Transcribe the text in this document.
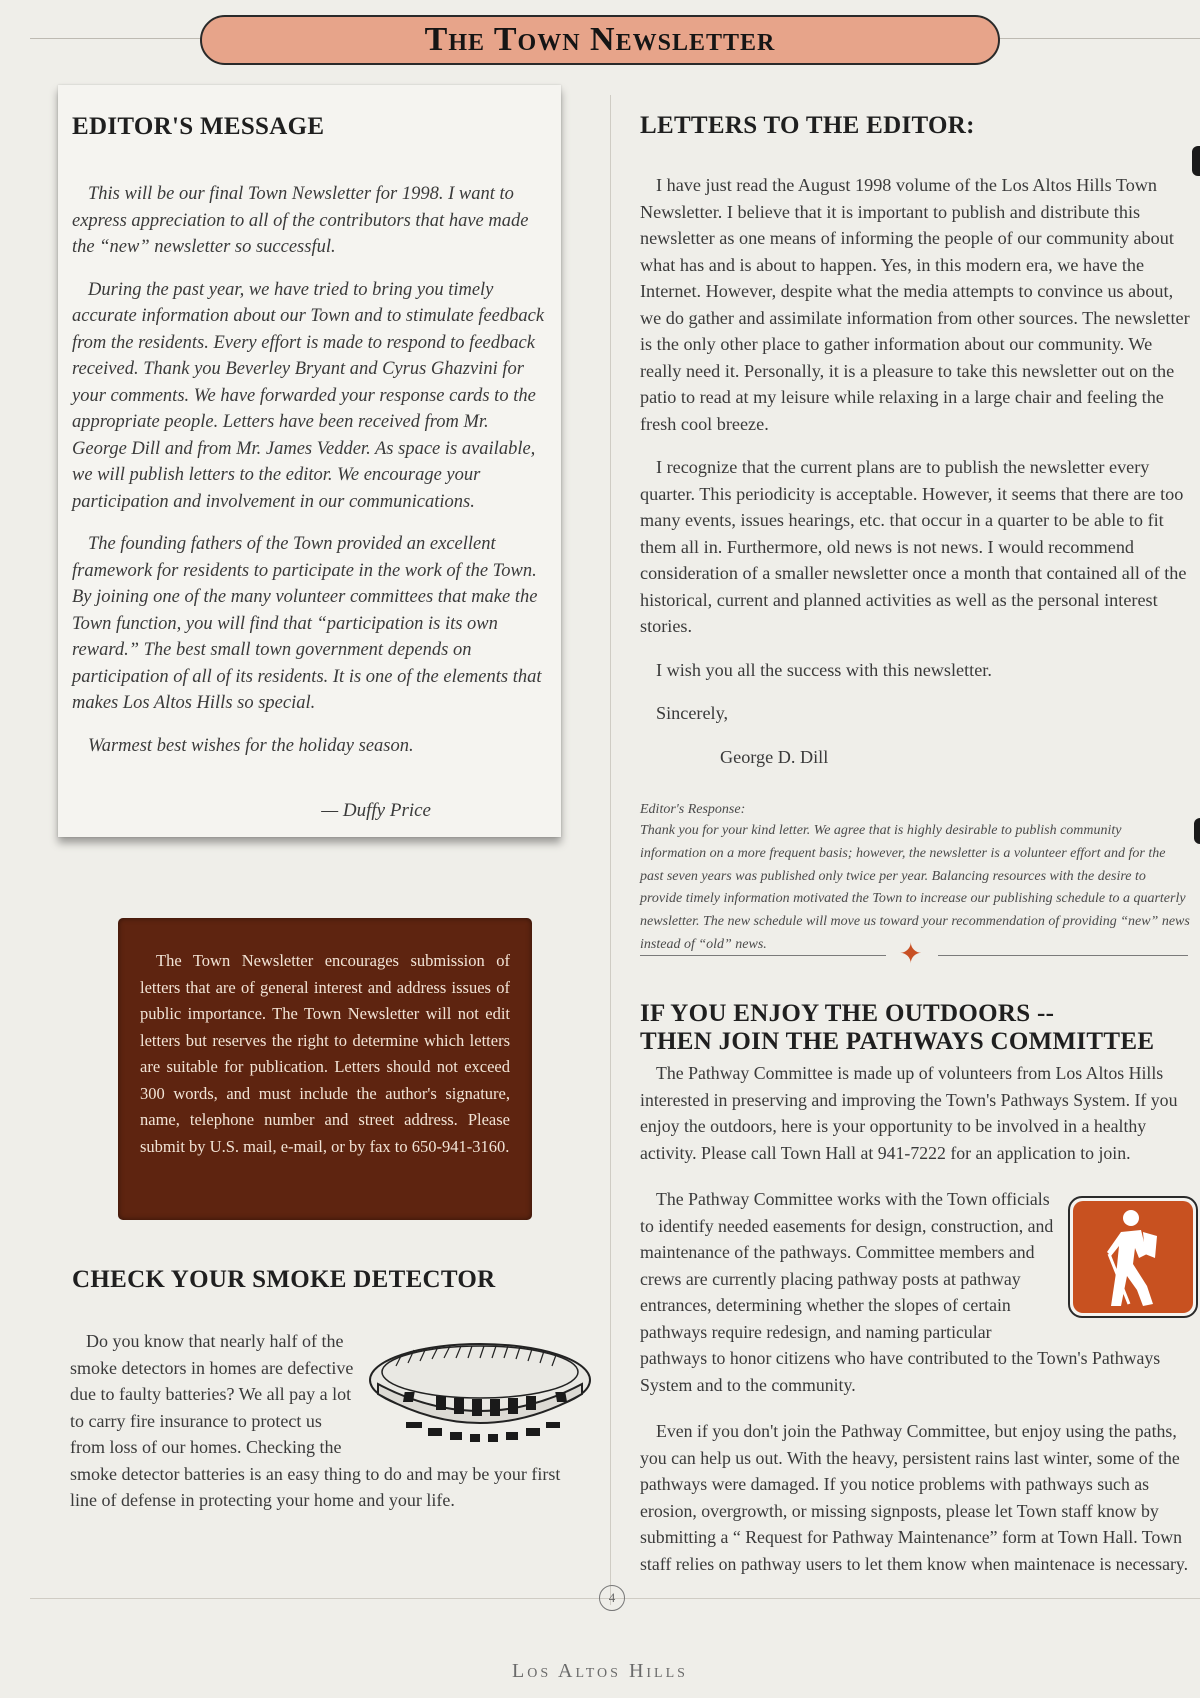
The Town Newsletter
EDITOR'S MESSAGE

This will be our final Town Newsletter for 1998. I want to express appreciation to all of the contributors that have made the “new” newsletter so successful.

During the past year, we have tried to bring you timely accurate information about our Town and to stimulate feedback from the residents. Every effort is made to respond to feedback received. Thank you Beverley Bryant and Cyrus Ghazvini for your comments. We have forwarded your response cards to the appropriate people. Letters have been received from Mr. George Dill and from Mr. James Vedder. As space is available, we will publish letters to the editor. We encourage your participation and involvement in our communications.

The founding fathers of the Town provided an excellent framework for residents to participate in the work of the Town. By joining one of the many volunteer committees that make the Town function, you will find that “participation is its own reward.” The best small town government depends on participation of all of its residents. It is one of the elements that makes Los Altos Hills so special.

Warmest best wishes for the holiday season.

— Duffy Price
The Town Newsletter encourages submission of letters that are of general interest and address issues of public importance. The Town Newsletter will not edit letters but reserves the right to determine which letters are suitable for publication. Letters should not exceed 300 words, and must include the author's signature, name, telephone number and street address. Please submit by U.S. mail, e-mail, or by fax to 650-941-3160.
CHECK YOUR SMOKE DETECTOR

Do you know that nearly half of the smoke detectors in homes are defective due to faulty batteries? We all pay a lot to carry fire insurance to protect us from loss of our homes. Checking the smoke detector batteries is an easy thing to do and may be your first line of defense in protecting your home and your life.

LETTERS TO THE EDITOR:

I have just read the August 1998 volume of the Los Altos Hills Town Newsletter. I believe that it is important to publish and distribute this newsletter as one means of informing the people of our community about what has and is about to happen. Yes, in this modern era, we have the Internet. However, despite what the media attempts to convince us about, we do gather and assimilate information from other sources. The newsletter is the only other place to gather information about our community. We really need it. Personally, it is a pleasure to take this newsletter out on the patio to read at my leisure while relaxing in a large chair and feeling the fresh cool breeze.

I recognize that the current plans are to publish the newsletter every quarter. This periodicity is acceptable. However, it seems that there are too many events, issues hearings, etc. that occur in a quarter to be able to fit them all in. Furthermore, old news is not news. I would recommend consideration of a smaller newsletter once a month that contained all of the historical, current and planned activities as well as the personal interest stories.

I wish you all the success with this newsletter.

Sincerely,

George D. Dill

Editor's Response:
Thank you for your kind letter. We agree that is highly desirable to publish community information on a more frequent basis; however, the newsletter is a volunteer effort and for the past seven years was published only twice per year. Balancing resources with the desire to provide timely information motivated the Town to increase our publishing schedule to a quarterly newsletter. The new schedule will move us toward your recommendation of providing “new” news instead of “old” news.	✦
IF YOU ENJOY THE OUTDOORS --
THEN JOIN THE PATHWAYS COMMITTEE

The Pathway Committee is made up of volunteers from Los Altos Hills interested in preserving and improving the Town's Pathways System. If you enjoy the outdoors, here is your opportunity to be involved in a healthy activity. Please call Town Hall at 941-7222 for an application to join.

The Pathway Committee works with the Town officials to identify needed easements for design, construction, and maintenance of the pathways. Committee members and crews are currently placing pathway posts at pathway entrances, determining whether the slopes of certain pathways require redesign, and naming particular pathways to honor citizens who have contributed to the Town's Pathways System and to the community.

Even if you don't join the Pathway Committee, but enjoy using the paths, you can help us out. With the heavy, persistent rains last winter, some of the pathways were damaged. If you notice problems with pathways such as erosion, overgrowth, or missing signposts, please let Town staff know by submitting a “ Request for Pathway Maintenance” form at Town Hall. Town staff relies on pathway users to let them know when maintenace is necessary.

4
Los Altos Hills
